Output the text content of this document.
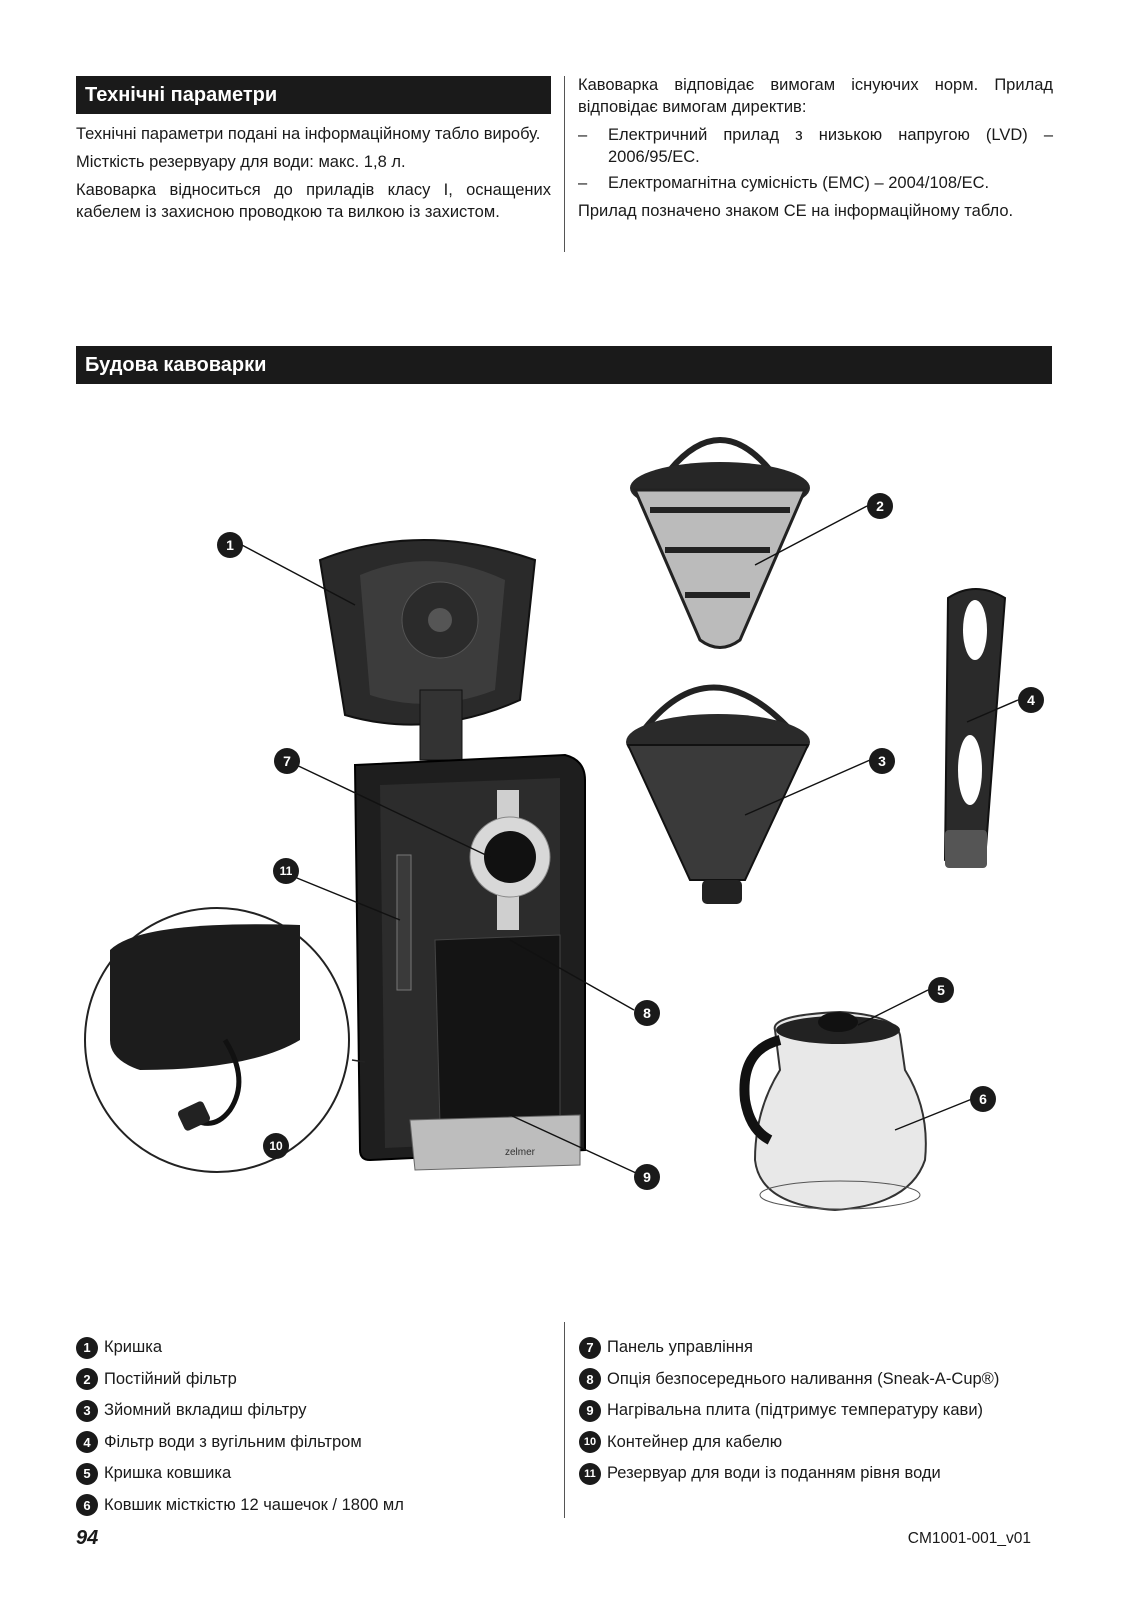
Технічні параметри

Технічні параметри подані на інформаційному табло виробу.

Місткість резервуару для води: макс. 1,8 л.

Кавоварка відноситься до приладів класу I, оснащених кабелем із захисною проводкою та вилкою із захистом.

Кавоварка відповідає вимогам існуючих норм. Прилад відповідає вимогам директив:

–	Електричний прилад з низькою напругою (LVD) – 2006/95/EC.
–	Електромагнітна сумісність (EMC) – 2004/108/EC.

Прилад позначено знаком CE на інформаційному табло.

Будова кавоварки
zelmer
1
2
3
4
5
6
7
8
9
10
11
1 Кришка
2 Постійний фільтр
3 Зйомний вкладиш фільтру
4 Фільтр води з вугільним фільтром
5 Кришка ковшика
6 Ковшик місткістю 12 чашечок / 1800 мл
7 Панель управління
8 Опція безпосереднього наливання (Sneak-A-Cup®)
9 Нагрівальна плита (підтримує температуру кави)
10 Контейнер для кабелю
11 Резервуар для води із поданням рівня води
94	CM1001-001_v01
